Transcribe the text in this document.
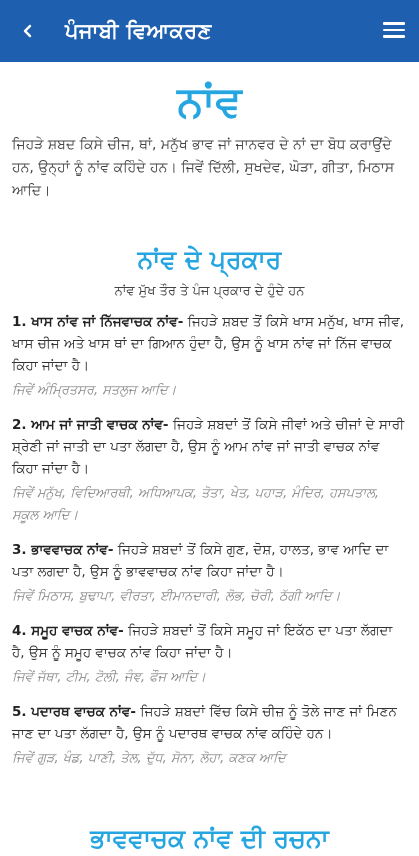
ਪੰਜਾਬੀ ਵਿਆਕਰਣ
ਨਾਂਵ

ਜਿਹੜੇ ਸ਼ਬਦ ਕਿਸੇ ਚੀਜ, ਥਾਂ, ਮਨੁੱਖ ਭਾਵ ਜਾਂ ਜਾਨਵਰ ਦੇ ਨਾਂ ਦਾ ਬੋਧ ਕਰਾਉਂਦੇ ਹਨ, ਉਨ੍ਹਾਂ ਨੂੰ ਨਾਂਵ ਕਹਿੰਦੇ ਹਨ। ਜਿਵੇਂ ਦਿੱਲੀ, ਸੁਖਦੇਵ, ਘੋੜਾ, ਗੀਤਾ, ਮਿਠਾਸ ਆਦਿ।

ਨਾਂਵ ਦੇ ਪ੍ਰਕਾਰ
ਨਾਂਵ ਮੁੱਖ ਤੌਰ ਤੇ ਪੰਜ ਪ੍ਰਕਾਰ ਦੇ ਹੁੰਦੇ ਹਨ

1. ਖਾਸ ਨਾਂਵ ਜਾਂ ਨਿੱਜਵਾਚਕ ਨਾਂਵ- ਜਿਹੜੇ ਸ਼ਬਦ ਤੋਂ ਕਿਸੇ ਖਾਸ ਮਨੁੱਖ, ਖਾਸ ਜੀਵ, ਖਾਸ ਚੀਜ ਅਤੇ ਖਾਸ ਥਾਂ ਦਾ ਗਿਆਨ ਹੁੰਦਾ ਹੈ, ਉਸ ਨੂੰ ਖਾਸ ਨਾਂਵ ਜਾਂ ਨਿੱਜ ਵਾਚਕ ਕਿਹਾ ਜਾਂਦਾ ਹੈ।

ਜਿਵੇਂ ਅੰਮ੍ਰਿਤਸਰ, ਸਤਲੁਜ ਆਦਿ।

2. ਆਮ ਜਾਂ ਜਾਤੀ ਵਾਚਕ ਨਾਂਵ- ਜਿਹੜੇ ਸ਼ਬਦਾਂ ਤੋਂ ਕਿਸੇ ਜੀਵਾਂ ਅਤੇ ਚੀਜਾਂ ਦੇ ਸਾਰੀ ਸ਼੍ਰੇਣੀ ਜਾਂ ਜਾਤੀ ਦਾ ਪਤਾ ਲੱਗਦਾ ਹੈ, ਉਸ ਨੂੰ ਆਮ ਨਾਂਵ ਜਾਂ ਜਾਤੀ ਵਾਚਕ ਨਾਂਵ ਕਿਹਾ ਜਾਂਦਾ ਹੈ।

ਜਿਵੇਂ ਮਨੁੱਖ, ਵਿਦਿਆਰਥੀ, ਅਧਿਆਪਕ, ਤੋਤਾ, ਖੇਤ, ਪਹਾੜ, ਮੰਦਿਰ, ਹਸਪਤਾਲ, ਸਕੂਲ ਆਦਿ।

3. ਭਾਵਵਾਚਕ ਨਾਂਵ- ਜਿਹੜੇ ਸ਼ਬਦਾਂ ਤੋਂ ਕਿਸੇ ਗੁਣ, ਦੋਸ਼, ਹਾਲਤ, ਭਾਵ ਆਦਿ ਦਾ ਪਤਾ ਲਗਦਾ ਹੈ, ਉਸ ਨੂੰ ਭਾਵਵਾਚਕ ਨਾਂਵ ਕਿਹਾ ਜਾਂਦਾ ਹੈ।

ਜਿਵੇਂ ਮਿਠਾਸ, ਬੁਢਾਪਾ, ਵੀਰਤਾ, ਈਮਾਨਦਾਰੀ, ਲੋਭ, ਚੋਰੀ, ਠੱਗੀ ਆਦਿ।

4. ਸਮੂਹ ਵਾਚਕ ਨਾਂਵ- ਜਿਹੜੇ ਸ਼ਬਦਾਂ ਤੋਂ ਕਿਸੇ ਸਮੂਹ ਜਾਂ ਇਕੱਠ ਦਾ ਪਤਾ ਲੱਗਦਾ ਹੈ, ਉਸ ਨੂੰ ਸਮੂਹ ਵਾਚਕ ਨਾਂਵ ਕਿਹਾ ਜਾਂਦਾ ਹੈ।

ਜਿਵੇਂ ਜੱਥਾ, ਟੀਮ, ਟੋਲੀ, ਜੰਞ, ਫੌਜ ਆਦਿ।

5. ਪਦਾਰਥ ਵਾਚਕ ਨਾਂਵ- ਜਿਹੜੇ ਸ਼ਬਦਾਂ ਵਿੱਚ ਕਿਸੇ ਚੀਜ਼ ਨੂੰ ਤੋਲੇ ਜਾਣ ਜਾਂ ਮਿਣਨ ਜਾਣ ਦਾ ਪਤਾ ਲੱਗਦਾ ਹੈ, ਉਸ ਨੂੰ ਪਦਾਰਥ ਵਾਚਕ ਨਾਂਵ ਕਹਿੰਦੇ ਹਨ।

ਜਿਵੇਂ ਗੁੜ, ਖੰਡ, ਪਾਣੀ, ਤੇਲ, ਦੁੱਧ, ਸੋਨਾ, ਲੋਹਾ, ਕਣਕ ਆਦਿ

ਭਾਵਵਾਚਕ ਨਾਂਵ ਦੀ ਰਚਨਾ
